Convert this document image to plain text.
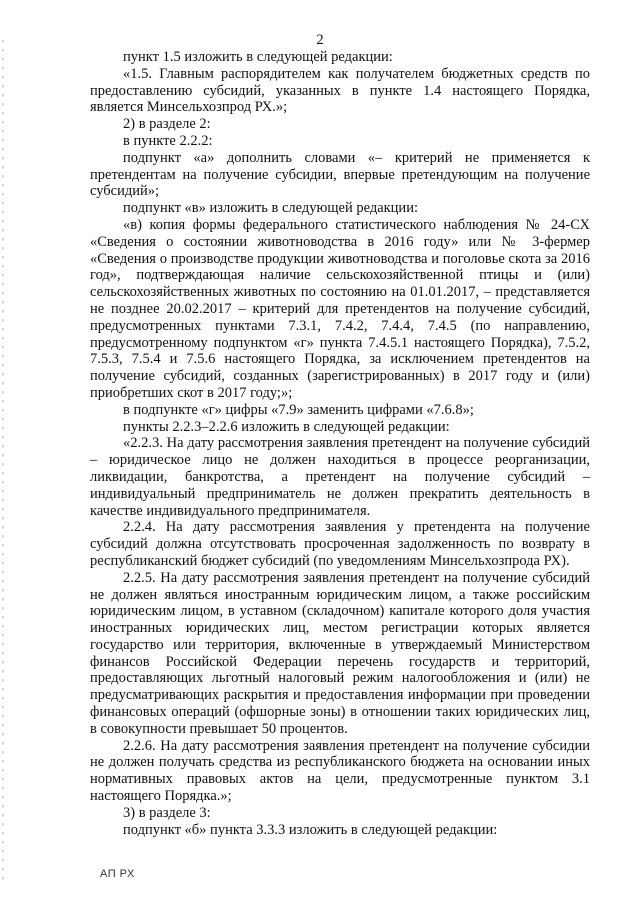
2

пункт 1.5 изложить в следующей редакции:

«1.5. Главным распорядителем как получателем бюджетных средств по предоставлению субсидий, указанных в пункте 1.4 настоящего Порядка, является Минсельхозпрод РХ.»;

2) в разделе 2:

в пункте 2.2.2:

подпункт «а» дополнить словами «– критерий не применяется к претендентам на получение субсидии, впервые претендующим на получение субсидий»;

подпункт «в» изложить в следующей редакции:

«в) копия формы федерального статистического наблюдения № 24-СХ «Сведения о состоянии животноводства в 2016 году» или № 3-фермер «Сведения о производстве продукции животноводства и поголовье скота за 2016 год», подтверждающая наличие сельскохозяйственной птицы и (или) сельскохозяйственных животных по состоянию на 01.01.2017, – представляется не позднее 20.02.2017 – критерий для претендентов на получение субсидий, предусмотренных пунктами 7.3.1, 7.4.2, 7.4.4, 7.4.5 (по направлению, предусмотренному подпунктом «г» пункта 7.4.5.1 настоящего Порядка), 7.5.2, 7.5.3, 7.5.4 и 7.5.6 настоящего Порядка, за исключением претендентов на получение субсидий, созданных (зарегистрированных) в 2017 году и (или) приобретших скот в 2017 году;»;

в подпункте «г» цифры «7.9» заменить цифрами «7.6.8»;

пункты 2.2.3–2.2.6 изложить в следующей редакции:

«2.2.3. На дату рассмотрения заявления претендент на получение субсидий – юридическое лицо не должен находиться в процессе реорганизации, ликвидации, банкротства, а претендент на получение субсидий – индивидуальный предприниматель не должен прекратить деятельность в качестве индивидуального предпринимателя.

2.2.4. На дату рассмотрения заявления у претендента на получение субсидий должна отсутствовать просроченная задолженность по возврату в республиканский бюджет субсидий (по уведомлениям Минсельхозпрода РХ).

2.2.5. На дату рассмотрения заявления претендент на получение субсидий не должен являться иностранным юридическим лицом, а также российским юридическим лицом, в уставном (складочном) капитале которого доля участия иностранных юридических лиц, местом регистрации которых является государство или территория, включенные в утверждаемый Министерством финансов Российской Федерации перечень государств и территорий, предоставляющих льготный налоговый режим налогообложения и (или) не предусматривающих раскрытия и предоставления информации при проведении финансовых операций (офшорные зоны) в отношении таких юридических лиц, в совокупности превышает 50 процентов.

2.2.6. На дату рассмотрения заявления претендент на получение субсидии не должен получать средства из республиканского бюджета на основании иных нормативных правовых актов на цели, предусмотренные пунктом 3.1 настоящего Порядка.»;

3) в разделе 3:

подпункт «б» пункта 3.3.3 изложить в следующей редакции:

АП РХ
